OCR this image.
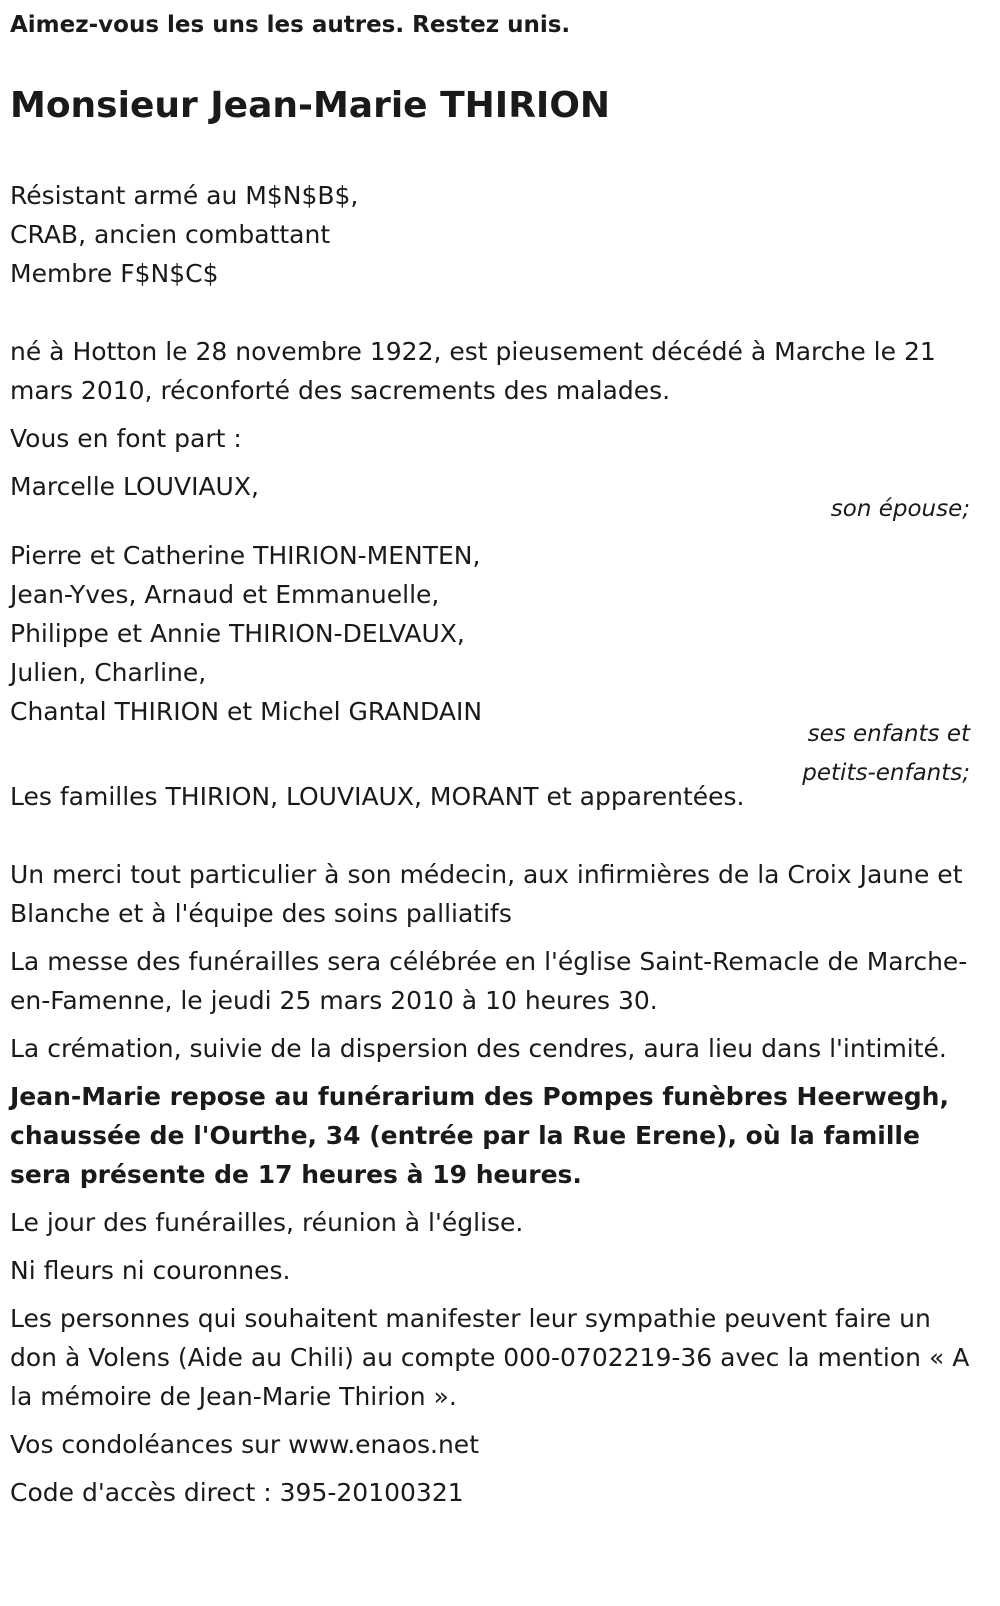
Aimez-vous les uns les autres. Restez unis.

Monsieur Jean-Marie THIRION
Résistant armé au M$N$B$,
CRAB, ancien combattant
Membre F$N$C$

né à Hotton le 28 novembre 1922, est pieusement décédé à Marche le 21 mars 2010, réconforté des sacrements des malades.

Vous en font part :

Marcelle LOUVIAUX,

son épouse;

Pierre et Catherine THIRION-MENTEN,
Jean-Yves, Arnaud et Emmanuelle,
Philippe et Annie THIRION-DELVAUX,
Julien, Charline,
Chantal THIRION et Michel GRANDAIN
ses enfants et
petits-enfants;

Les familles THIRION, LOUVIAUX, MORANT et apparentées.

Un merci tout particulier à son médecin, aux infirmières de la Croix Jaune et Blanche et à l'équipe des soins palliatifs

La messe des funérailles sera célébrée en l'église Saint-Remacle de Marche-en-Famenne, le jeudi 25 mars 2010 à 10 heures 30.

La crémation, suivie de la dispersion des cendres, aura lieu dans l'intimité.

Jean-Marie repose au funérarium des Pompes funèbres Heerwegh, chaussée de l'Ourthe, 34 (entrée par la Rue Erene), où la famille sera présente de 17 heures à 19 heures.

Le jour des funérailles, réunion à l'église.

Ni fleurs ni couronnes.

Les personnes qui souhaitent manifester leur sympathie peuvent faire un don à Volens (Aide au Chili) au compte 000-0702219-36 avec la mention « A la mémoire de Jean-Marie Thirion ».

Vos condoléances sur www.enaos.net

Code d'accès direct : 395-20100321
